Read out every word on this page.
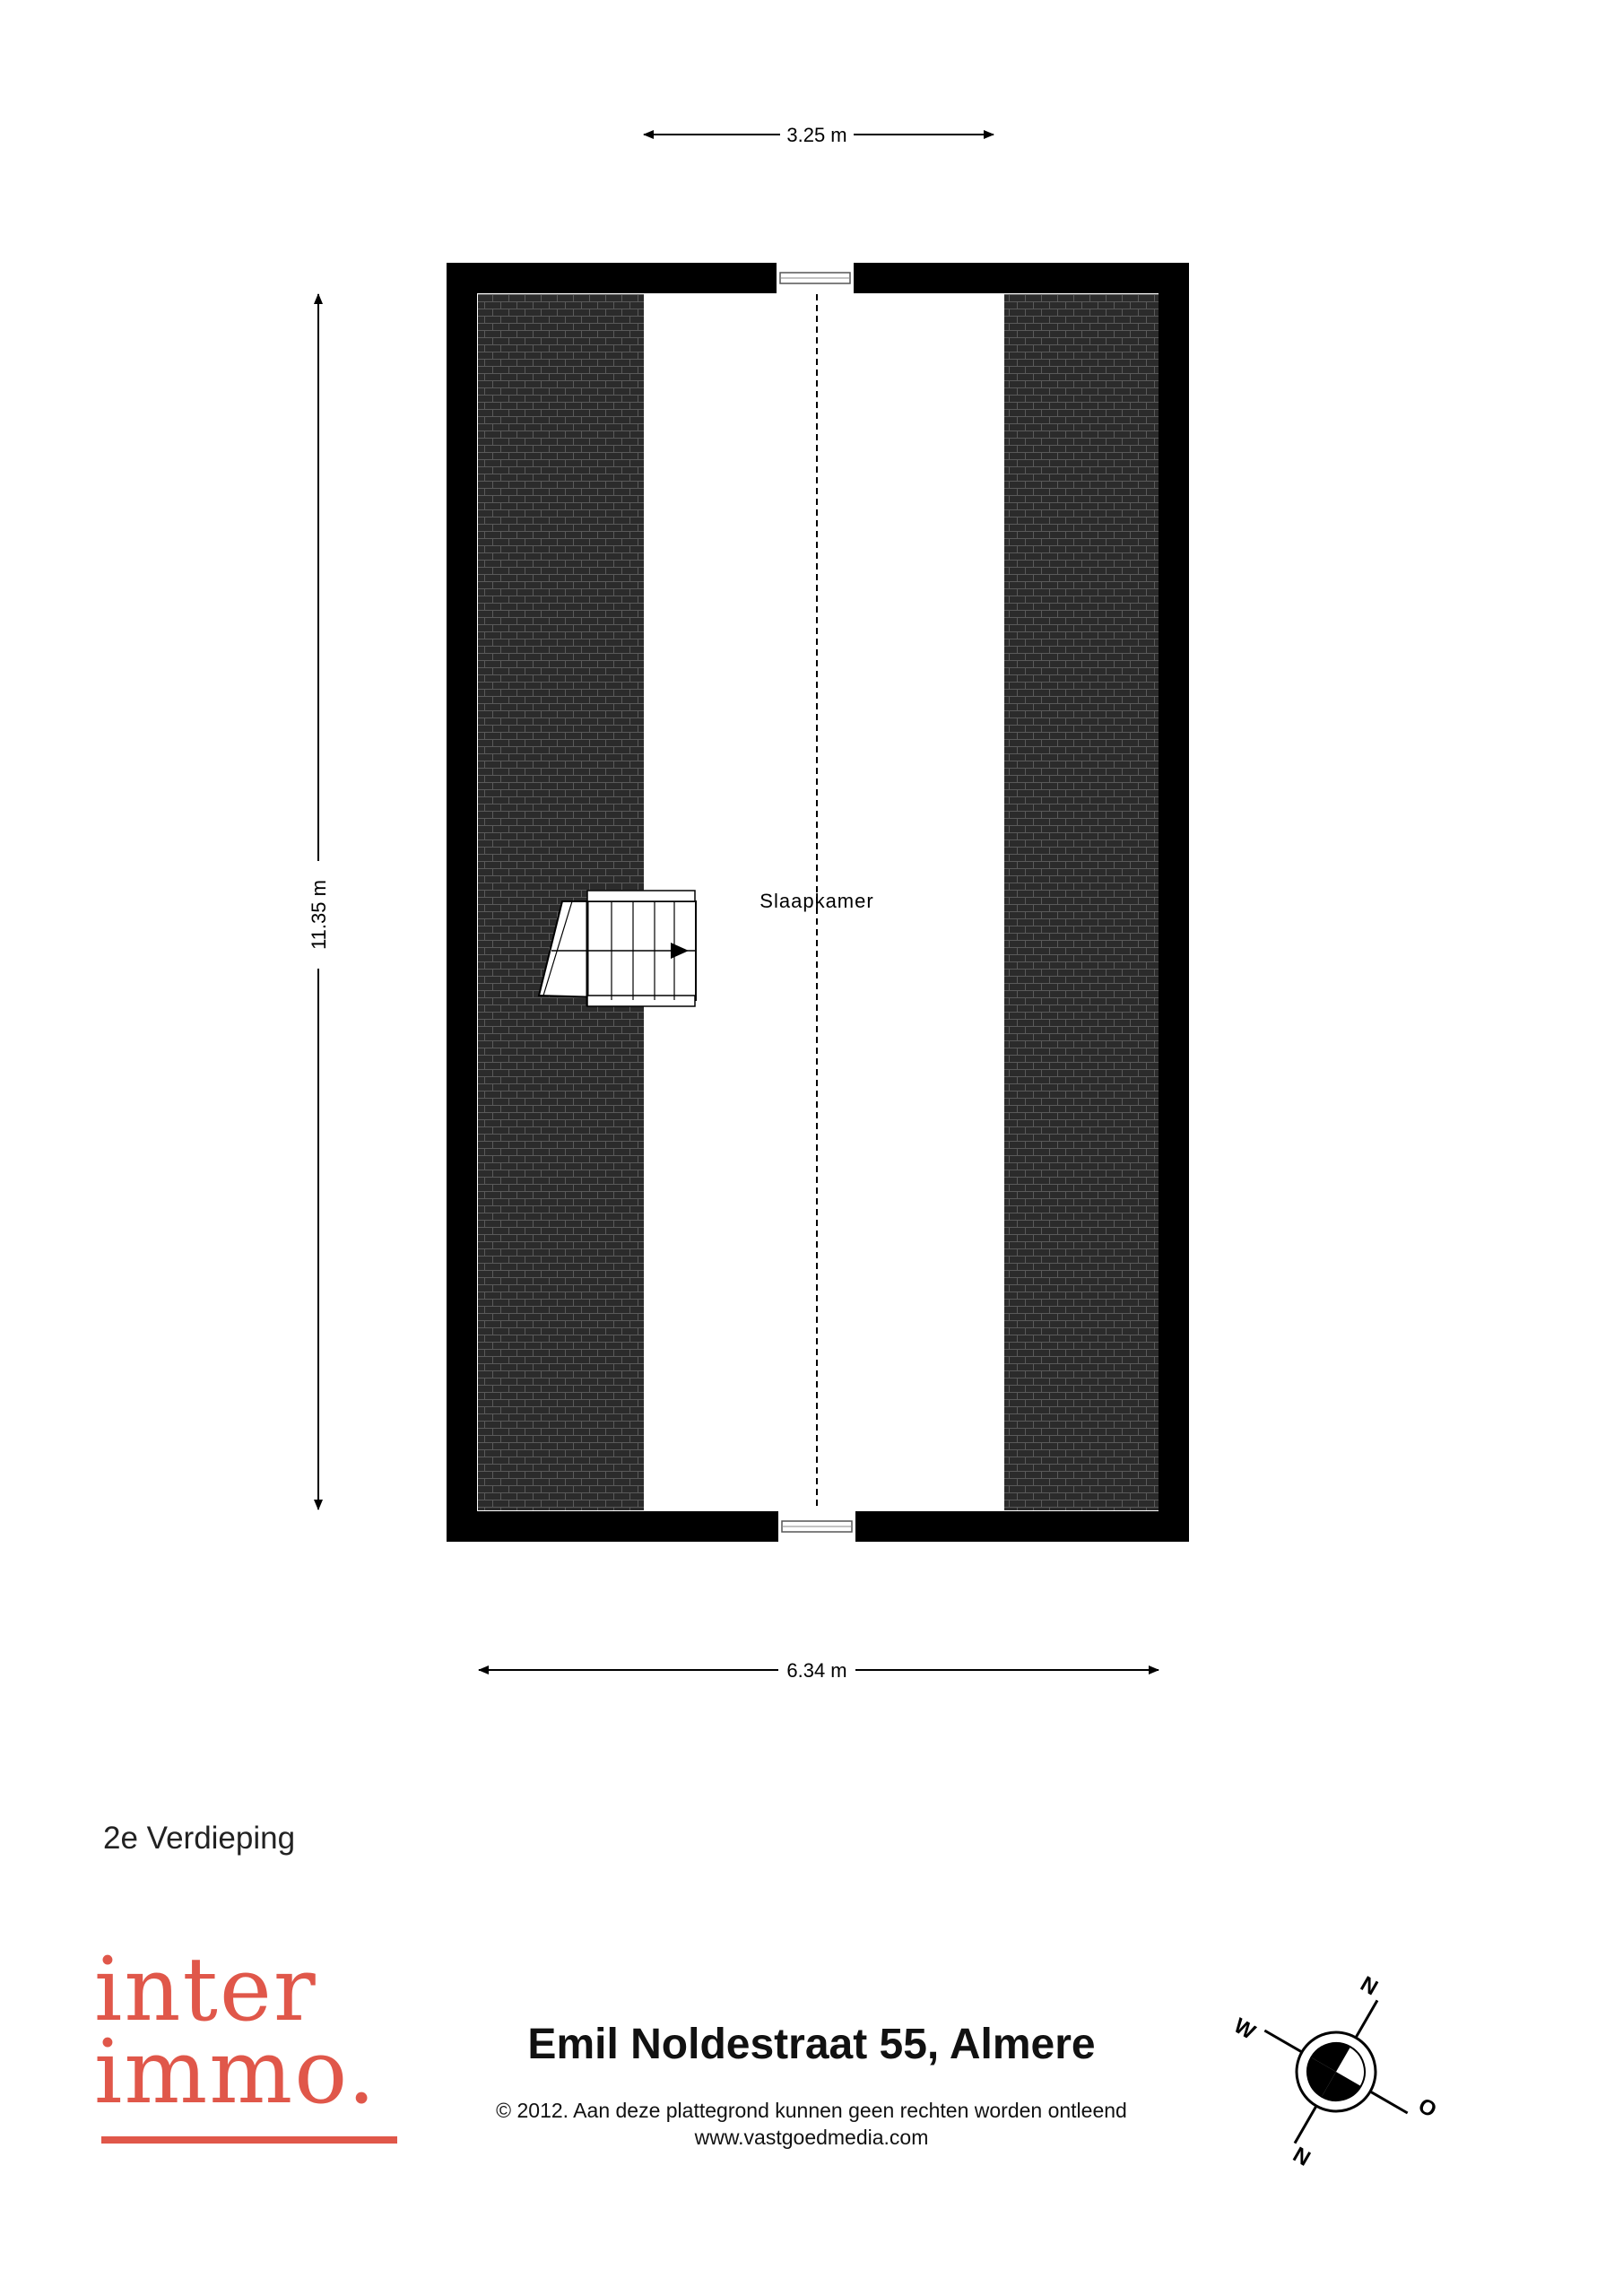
3.25 m
11.35 m
6.34 m
Slaapkamer
2e Verdieping
inter
immo.	Emil Noldestraat 55, Almere
© 2012. Aan deze plattegrond kunnen geen rechten worden ontleend
www.vastgoedmedia.com
N
O
W
N
